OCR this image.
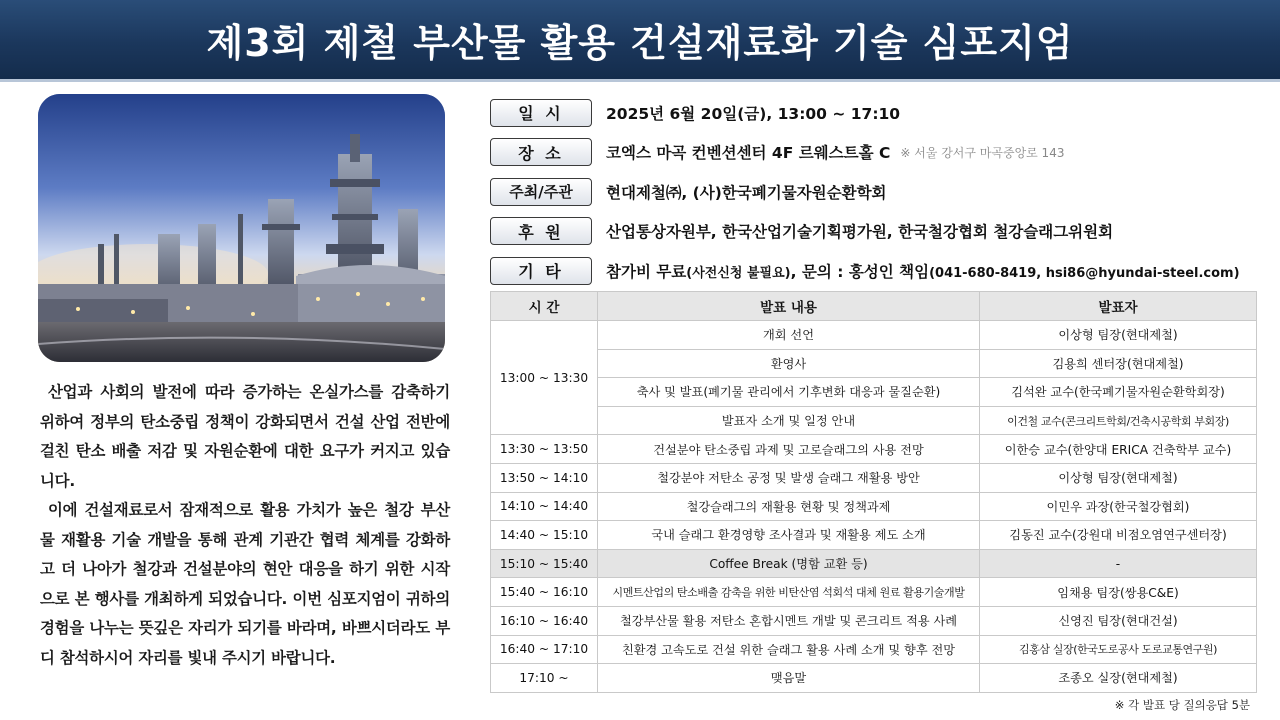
제3회 제철 부산물 활용 건설재료화 기술 심포지엄

산업과 사회의 발전에 따라 증가하는 온실가스를 감축하기 위하여 정부의 탄소중립 정책이 강화되면서 건설 산업 전반에 걸친 탄소 배출 저감 및 자원순환에 대한 요구가 커지고 있습니다.

이에 건설재료로서 잠재적으로 활용 가치가 높은 철강 부산물 재활용 기술 개발을 통해 관계 기관간 협력 체계를 강화하고 더 나아가 철강과 건설분야의 현안 대응을 하기 위한 시작으로 본 행사를 개최하게 되었습니다. 이번 심포지엄이 귀하의 경험을 나누는 뜻깊은 자리가 되기를 바라며, 바쁘시더라도 부디 참석하시어 자리를 빛내 주시기 바랍니다.

일 시	2025년 6월 20일(금), 13:00 ~ 17:10
장 소	코엑스 마곡 컨벤션센터 4F 르웨스트홀 C ※ 서울 강서구 마곡중앙로 143
주최/주관	현대제철㈜, (사)한국폐기물자원순환학회
후 원	산업통상자원부, 한국산업기술기획평가원, 한국철강협회 철강슬래그위원회
기 타	참가비 무료(사전신청 불필요), 문의 : 홍성인 책임(041-680-8419, hsi86@hyundai-steel.com)
시 간	발표 내용	발표자
13:00 ~ 13:30	개회 선언	이상형 팀장(현대제철)
	환영사	김용희 센터장(현대제철)
	축사 및 발표(폐기물 관리에서 기후변화 대응과 물질순환)	김석완 교수(한국폐기물자원순환학회장)
	발표자 소개 및 일정 안내	이건철 교수(콘크리트학회/건축시공학회 부회장)
13:30 ~ 13:50	건설분야 탄소중립 과제 및 고로슬래그의 사용 전망	이한승 교수(한양대 ERICA 건축학부 교수)
13:50 ~ 14:10	철강분야 저탄소 공정 및 발생 슬래그 재활용 방안	이상형 팀장(현대제철)
14:10 ~ 14:40	철강슬래그의 재활용 현황 및 정책과제	이민우 과장(한국철강협회)
14:40 ~ 15:10	국내 슬래그 환경영향 조사결과 및 재활용 제도 소개	김동진 교수(강원대 비점오염연구센터장)
15:10 ~ 15:40	Coffee Break (명함 교환 등)	-
15:40 ~ 16:10	시멘트산업의 탄소배출 감축을 위한 비탄산염 석회석 대체 원료 활용기술개발	임채용 팀장(쌍용C&E)
16:10 ~ 16:40	철강부산물 활용 저탄소 혼합시멘트 개발 및 콘크리트 적용 사례	신영진 팀장(현대건설)
16:40 ~ 17:10	친환경 고속도로 건설 위한 슬래그 활용 사례 소개 및 향후 전망	김홍삼 실장(한국도로공사 도로교통연구원)
17:10 ~	맺음말	조종오 실장(현대제철)
※ 각 발표 당 질의응답 5분
